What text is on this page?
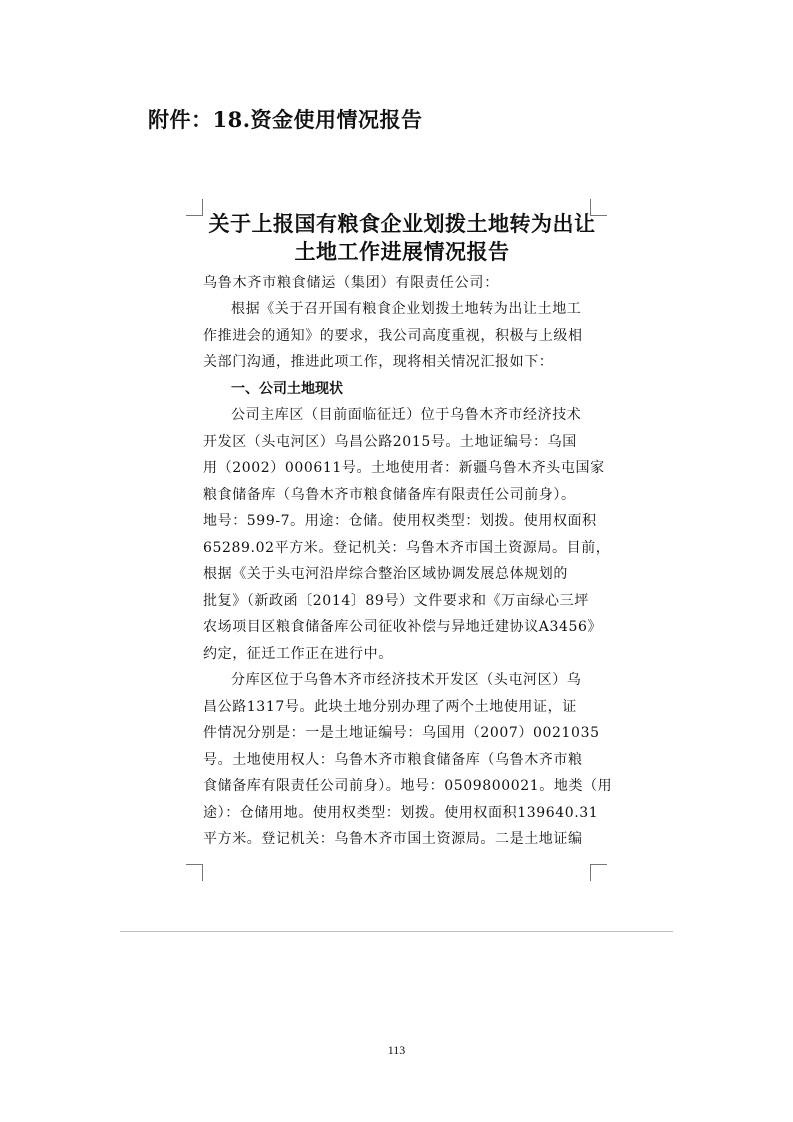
附件：18.资金使用情况报告
关于上报国有粮食企业划拨土地转为出让
土地工作进展情况报告

乌鲁木齐市粮食储运（集团）有限责任公司：

根据《关于召开国有粮食企业划拨土地转为出让土地工
作推进会的通知》的要求，我公司高度重视，积极与上级相
关部门沟通，推进此项工作，现将相关情况汇报如下：

一、公司土地现状

公司主库区（目前面临征迁）位于乌鲁木齐市经济技术
开发区（头屯河区）乌昌公路2015号。土地证编号：乌国
用（2002）000611号。土地使用者：新疆乌鲁木齐头屯国家
粮食储备库（乌鲁木齐市粮食储备库有限责任公司前身）。
地号：599-7。用途：仓储。使用权类型：划拨。使用权面积
65289.02平方米。登记机关：乌鲁木齐市国土资源局。目前，
根据《关于头屯河沿岸综合整治区域协调发展总体规划的
批复》（新政函〔2014〕89号）文件要求和《万亩绿心三坪
农场项目区粮食储备库公司征收补偿与异地迁建协议A3456》
约定，征迁工作正在进行中。

分库区位于乌鲁木齐市经济技术开发区（头屯河区）乌
昌公路1317号。此块土地分别办理了两个土地使用证，证
件情况分别是：一是土地证编号：乌国用（2007）0021035
号。土地使用权人：乌鲁木齐市粮食储备库（乌鲁木齐市粮
食储备库有限责任公司前身）。地号：0509800021。地类（用
途）：仓储用地。使用权类型：划拨。使用权面积139640.31
平方米。登记机关：乌鲁木齐市国土资源局。二是土地证编

113
